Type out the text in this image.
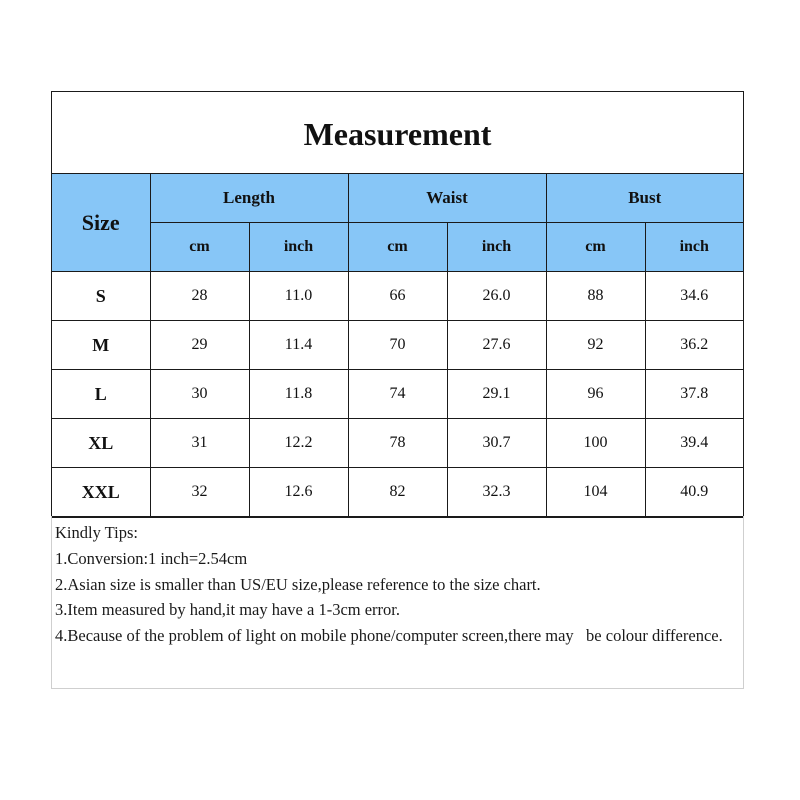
Measurement
Size	Length		Waist		Bust	
	cm	inch	cm	inch	cm	inch
S	28	11.0	66	26.0	88	34.6
M	29	11.4	70	27.6	92	36.2
L	30	11.8	74	29.1	96	37.8
XL	31	12.2	78	30.7	100	39.4
XXL	32	12.6	82	32.3	104	40.9
Kindly Tips:
1.Conversion:1 inch=2.54cm
2.Asian size is smaller than US/EU size,please reference to the size chart.
3.Item measured by hand,it may have a 1-3cm error.
4.Because of the problem of light on mobile phone/computer screen,there may   be colour difference.
